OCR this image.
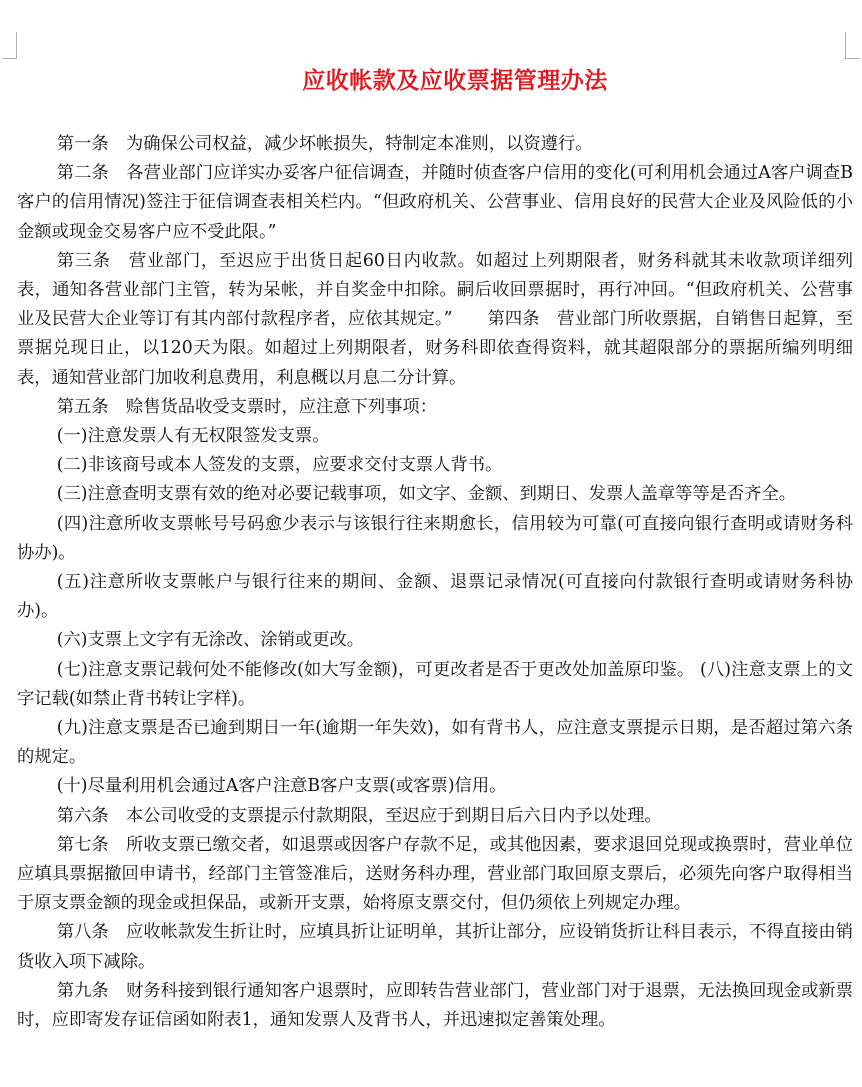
应收帐款及应收票据管理办法

第一条　为确保公司权益，减少坏帐损失，特制定本准则，以资遵行。

第二条　各营业部门应详实办妥客户征信调查，并随时侦查客户信用的变化(可利用机会通过A客户调查B客户的信用情况)签注于征信调查表相关栏内。“但政府机关、公营事业、信用良好的民营大企业及风险低的小金额或现金交易客户应不受此限。”

第三条　营业部门，至迟应于出货日起60日内收款。如超过上列期限者，财务科就其未收款项详细列表，通知各营业部门主管，转为呆帐，并自奖金中扣除。嗣后收回票据时，再行冲回。“但政府机关、公营事业及民营大企业等订有其内部付款程序者，应依其规定。”　　第四条　营业部门所收票据，自销售日起算，至票据兑现日止，以120天为限。如超过上列期限者，财务科即依查得资料，就其超限部分的票据所编列明细表，通知营业部门加收利息费用，利息概以月息二分计算。

第五条　赊售货品收受支票时，应注意下列事项：

(一)注意发票人有无权限签发支票。

(二)非该商号或本人签发的支票，应要求交付支票人背书。

(三)注意查明支票有效的绝对必要记载事项，如文字、金额、到期日、发票人盖章等等是否齐全。

(四)注意所收支票帐号号码愈少表示与该银行往来期愈长，信用较为可靠(可直接向银行查明或请财务科协办)。

(五)注意所收支票帐户与银行往来的期间、金额、退票记录情况(可直接向付款银行查明或请财务科协办)。

(六)支票上文字有无涂改、涂销或更改。

(七)注意支票记载何处不能修改(如大写金额)，可更改者是否于更改处加盖原印鉴。 (八)注意支票上的文字记载(如禁止背书转让字样)。

(九)注意支票是否已逾到期日一年(逾期一年失效)，如有背书人，应注意支票提示日期，是否超过第六条的规定。

(十)尽量利用机会通过A客户注意B客户支票(或客票)信用。

第六条　本公司收受的支票提示付款期限，至迟应于到期日后六日内予以处理。

第七条　所收支票已缴交者，如退票或因客户存款不足，或其他因素，要求退回兑现或换票时，营业单位应填具票据撤回申请书，经部门主管签准后，送财务科办理，营业部门取回原支票后，必须先向客户取得相当于原支票金额的现金或担保品，或新开支票，始将原支票交付，但仍须依上列规定办理。

第八条　应收帐款发生折让时，应填具折让证明单，其折让部分，应设销货折让科目表示，不得直接由销货收入项下减除。

第九条　财务科接到银行通知客户退票时，应即转告营业部门，营业部门对于退票，无法换回现金或新票时，应即寄发存证信函如附表1，通知发票人及背书人，并迅速拟定善策处理。
